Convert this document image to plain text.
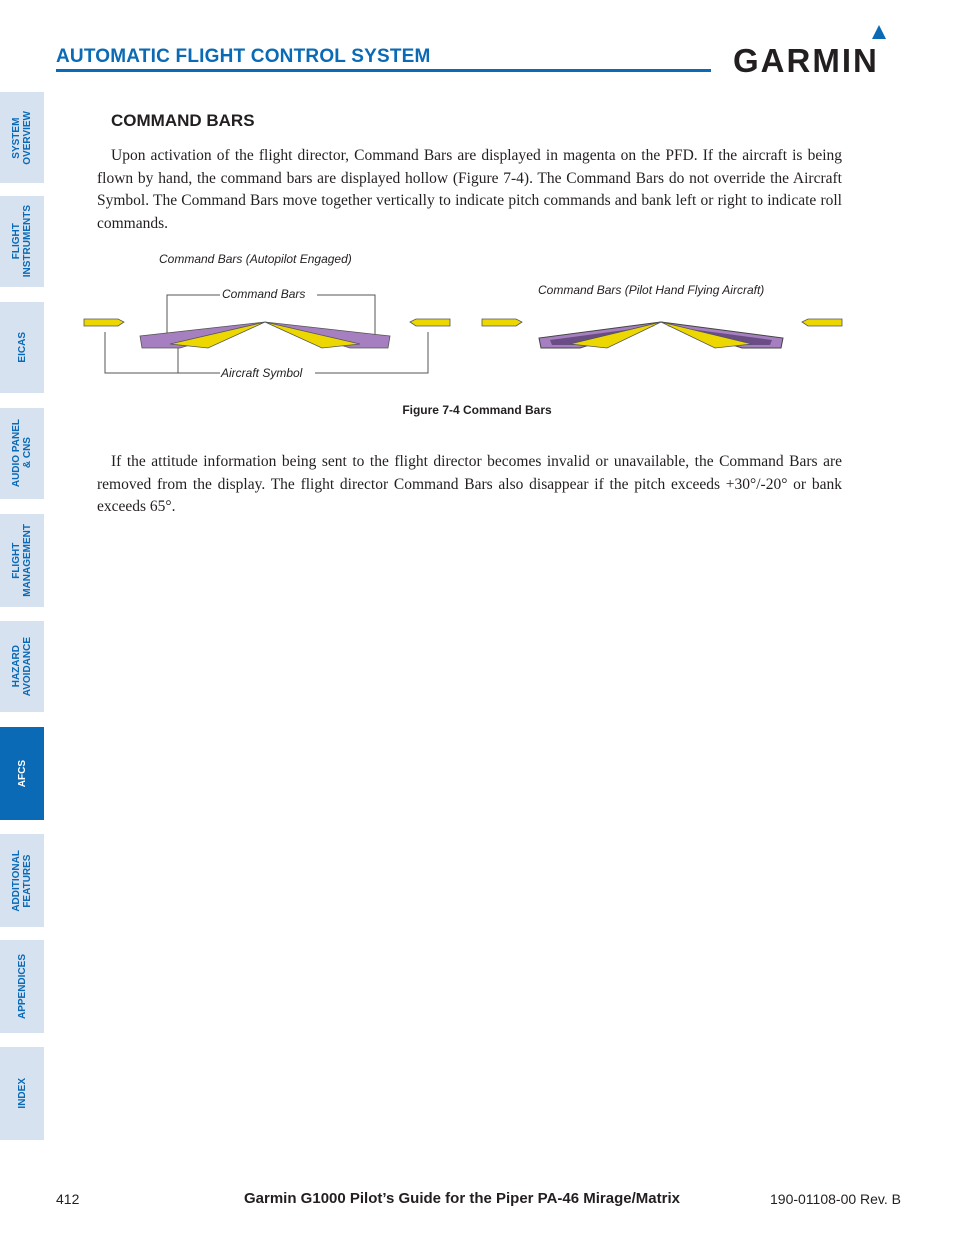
AUTOMATIC FLIGHT CONTROL SYSTEM	GARMIN
SYSTEM
OVERVIEW
FLIGHT
INSTRUMENTS
EICAS
AUDIO PANEL
& CNS
FLIGHT
MANAGEMENT
HAZARD
AVOIDANCE
AFCS
ADDITIONAL
FEATURES
APPENDICES
INDEX
COMMAND BARS

Upon activation of the flight director, Command Bars are displayed in magenta on the PFD. If the aircraft is being flown by hand, the command bars are displayed hollow (Figure 7-4). The Command Bars do not override the Aircraft Symbol. The Command Bars move together vertically to indicate pitch commands and bank left or right to indicate roll commands.

Command Bars (Autopilot Engaged)
Command Bars (Pilot Hand Flying Aircraft)
Command Bars
Aircraft Symbol
Figure 7-4 Command Bars

If the attitude information being sent to the flight director becomes invalid or unavailable, the Command Bars are removed from the display. The flight director Command Bars also disappear if the pitch exceeds +30°/-20° or bank exceeds 65°.

412	Garmin G1000 Pilot’s Guide for the Piper PA-46 Mirage/Matrix	190-01108-00 Rev. B
